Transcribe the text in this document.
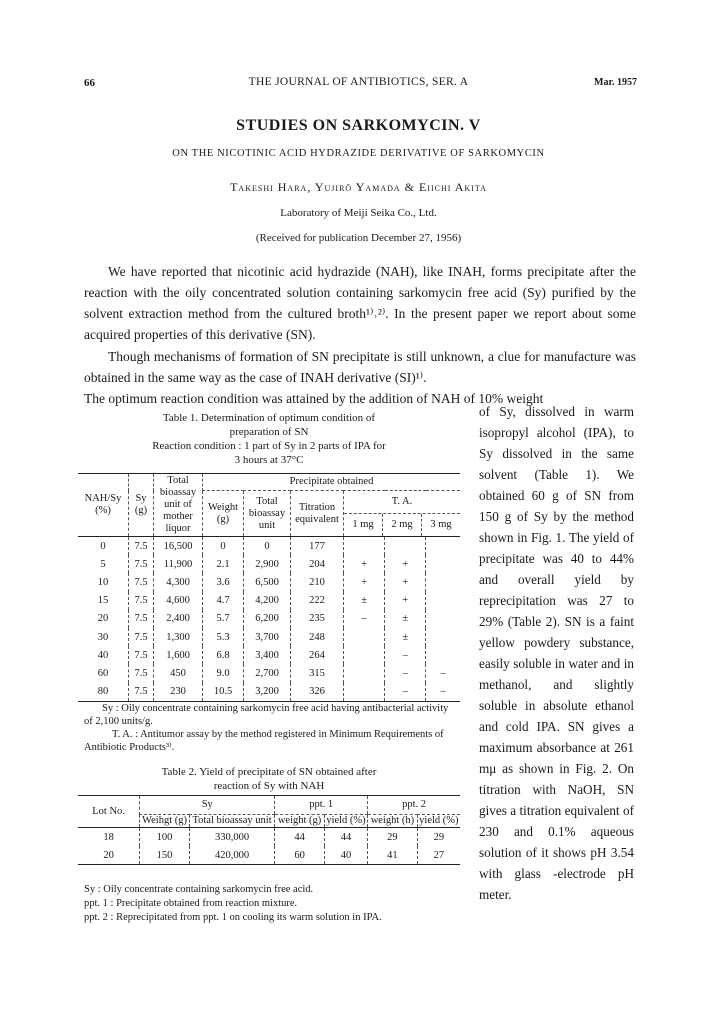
66	THE JOURNAL OF ANTIBIOTICS, SER. A	Mar. 1957
STUDIES ON SARKOMYCIN. V
ON THE NICOTINIC ACID HYDRAZIDE DERIVATIVE OF SARKOMYCIN
Takeshi Hara, Yujirō Yamada & Eiichi Akita
Laboratory of Meiji Seika Co., Ltd.
(Received for publication December 27, 1956)

We have reported that nicotinic acid hydrazide (NAH), like INAH, forms precipitate after the reaction with the oily concentrated solution containing sarkomycin free acid (Sy) purified by the solvent extraction method from the cultured broth¹⁾˒²⁾. In the present paper we report about some acquired properties of this derivative (SN).

Though mechanisms of formation of SN precipitate is still unknown, a clue for manufacture was obtained in the same way as the case of INAH derivative (SI)¹⁾.

The optimum reaction condition was attained by the addition of NAH of 10% weight

of Sy, dissolved in warm isopropyl alcohol (IPA), to Sy dissolved in the same solvent (Table 1). We obtained 60 g of SN from 150 g of Sy by the method shown in Fig. 1. The yield of precipitate was 40 to 44% and overall yield by reprecipitation was 27 to 29% (Table 2). SN is a faint yellow powdery substance, easily soluble in water and in methanol, and slightly soluble in absolute ethanol and cold IPA. SN gives a maximum absorbance at 261 mμ as shown in Fig. 2. On titration with NaOH, SN gives a titration equivalent of 230 and 0.1% aqueous solution of it shows pH 3.54 with glass -electrode pH meter.

Table 1. Determination of optimum condition of
preparation of SN
Reaction condition : 1 part of Sy in 2 parts of IPA for
3 hours at 37°C
NAH/Sy (%)	Sy (g)	Total bioassay unit of mother liquor	Precipitate obtained					
			Weight (g)	Total bioassay unit	Titration equivalent	T. A.
1 mg 2 mg 3 mg		

0	7.5	16,500	0	0	177			
5	7.5	11,900	2.1	2,900	204	+	+	
10	7.5	4,300	3.6	6,500	210	+	+	
15	7.5	4,600	4.7	4,200	222	±	+	
20	7.5	2,400	5.7	6,200	235	–	±	
30	7.5	1,300	5.3	3,700	248		±	
40	7.5	1,600	6.8	3,400	264		–	
60	7.5	450	9.0	2,700	315		–	–
80	7.5	230	10.5	3,200	326		–	–
Sy : Oily concentrate containing sarkomycin free acid having antibacterial activity of 2,100 units/g.
T. A. : Antitumor assay by the method registered in Minimum Requirements of Antibiotic Products³⁾.
Table 2. Yield of precipitate of SN obtained after
reaction of Sy with NAH
Lot No.	Sy		ppt. 1		ppt. 2	
	Weihgt (g)	Total bioassay unit	weight (g)	yield (%)	weight (h)	yield (%)
18	100	330,000	44	44	29	29
20	150	420,000	60	40	41	27
Sy : Oily concentrate containing sarkomycin free acid.
ppt. 1 : Precipitate obtained from reaction mixture.
ppt. 2 : Reprecipitated from ppt. 1 on cooling its warm solution in IPA.
